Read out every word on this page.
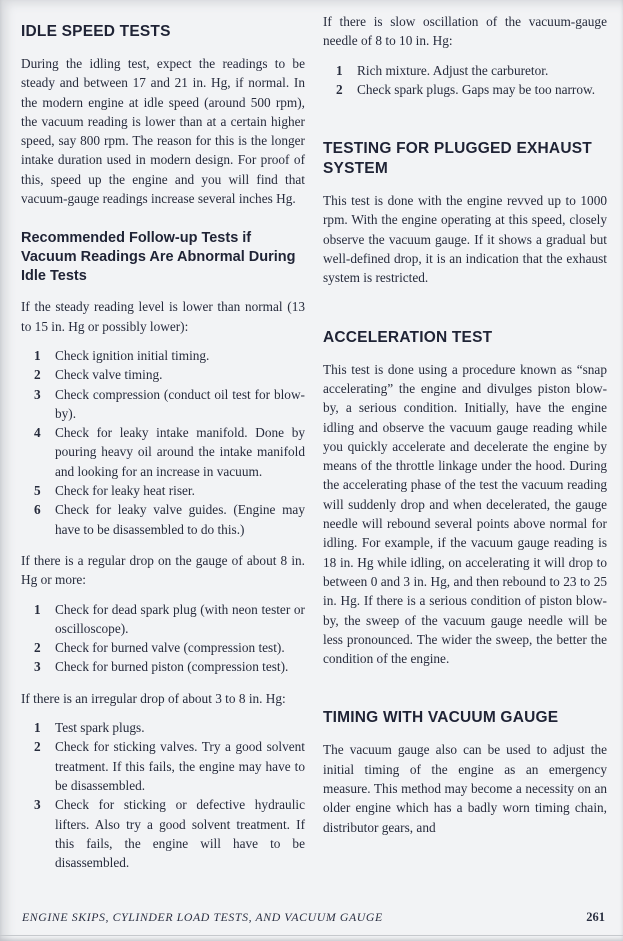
IDLE SPEED TESTS

During the idling test, expect the readings to be steady and between 17 and 21 in. Hg, if normal. In the modern engine at idle speed (around 500 rpm), the vacuum reading is lower than at a certain higher speed, say 800 rpm. The reason for this is the longer intake duration used in modern design. For proof of this, speed up the engine and you will find that vacuum-gauge readings increase several inches Hg.

Recommended Follow-up Tests if Vacuum Readings Are Abnormal During Idle Tests

If the steady reading level is lower than normal (13 to 15 in. Hg or possibly lower):

1	Check ignition initial timing.
2	Check valve timing.
3	Check compression (conduct oil test for blow-by).
4	Check for leaky intake manifold. Done by pouring heavy oil around the intake manifold and looking for an increase in vacuum.
5	Check for leaky heat riser.
6	Check for leaky valve guides. (Engine may have to be disassembled to do this.)

If there is a regular drop on the gauge of about 8 in. Hg or more:

1	Check for dead spark plug (with neon tester or oscilloscope).
2	Check for burned valve (compression test).
3	Check for burned piston (compression test).

If there is an irregular drop of about 3 to 8 in. Hg:

1	Test spark plugs.
2	Check for sticking valves. Try a good solvent treatment. If this fails, the engine may have to be disassembled.
3	Check for sticking or defective hydraulic lifters. Also try a good solvent treatment. If this fails, the engine will have to be disassembled.

If there is slow oscillation of the vacuum-gauge needle of 8 to 10 in. Hg:

1	Rich mixture. Adjust the carburetor.
2	Check spark plugs. Gaps may be too narrow.
TESTING FOR PLUGGED EXHAUST SYSTEM

This test is done with the engine revved up to 1000 rpm. With the engine operating at this speed, closely observe the vacuum gauge. If it shows a gradual but well-defined drop, it is an indication that the exhaust system is restricted.

ACCELERATION TEST

This test is done using a procedure known as “snap accelerating” the engine and divulges piston blow-by, a serious condition. Initially, have the engine idling and observe the vacuum gauge reading while you quickly accelerate and decelerate the engine by means of the throttle linkage under the hood. During the accelerating phase of the test the vacuum reading will suddenly drop and when decelerated, the gauge needle will rebound several points above normal for idling. For example, if the vacuum gauge reading is 18 in. Hg while idling, on accelerating it will drop to between 0 and 3 in. Hg, and then rebound to 23 to 25 in. Hg. If there is a serious condition of piston blow-by, the sweep of the vacuum gauge needle will be less pronounced. The wider the sweep, the better the condition of the engine.

TIMING WITH VACUUM GAUGE

The vacuum gauge also can be used to adjust the initial timing of the engine as an emergency measure. This method may become a necessity on an older engine which has a badly worn timing chain, distributor gears, and

ENGINE SKIPS, CYLINDER LOAD TESTS, AND VACUUM GAUGE	261
